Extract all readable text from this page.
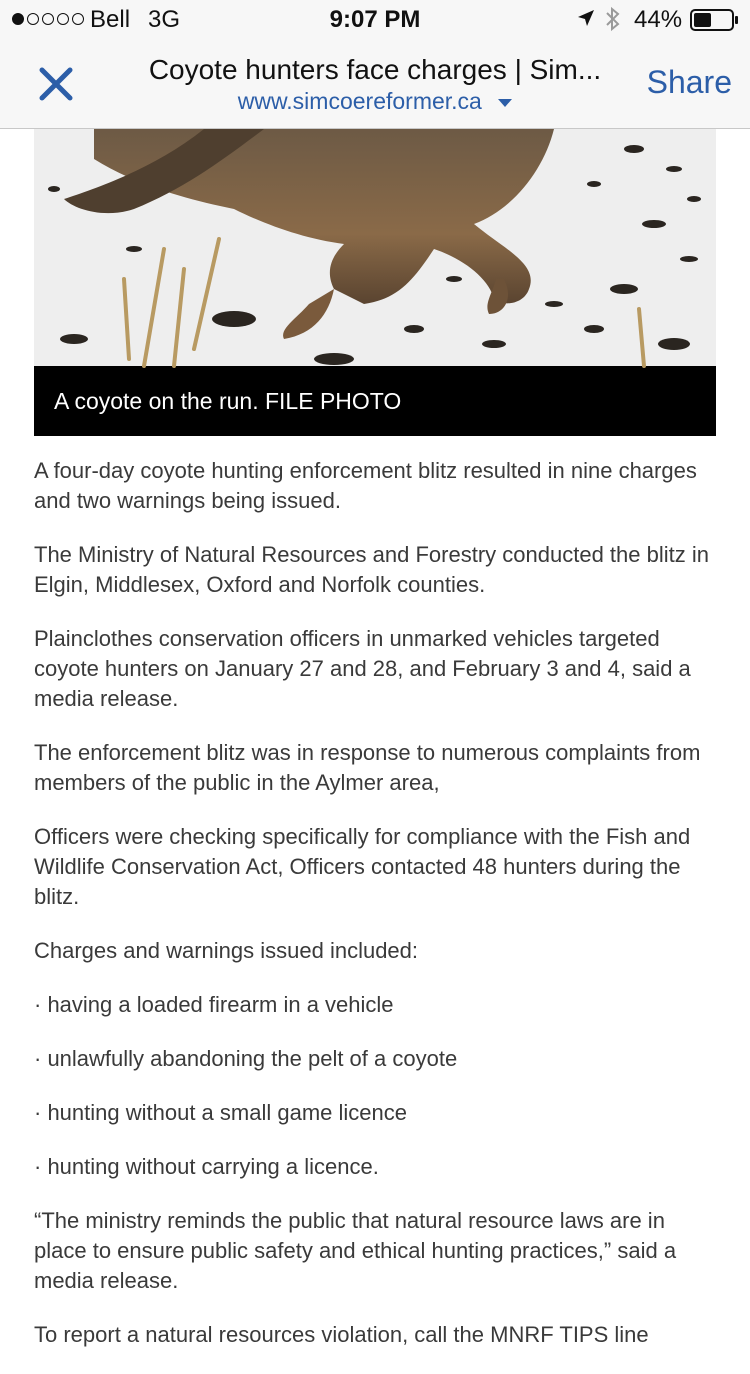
Bell 3G	9:07 PM	44%
Coyote hunters face charges | Sim...
www.simcoereformer.ca
Share
A coyote on the run. FILE PHOTO

A four-day coyote hunting enforcement blitz resulted in nine charges and two warnings being issued.

The Ministry of Natural Resources and Forestry conducted the blitz in Elgin, Middlesex, Oxford and Norfolk counties.

Plainclothes conservation officers in unmarked vehicles targeted coyote hunters on January 27 and 28, and February 3 and 4, said a media release.

The enforcement blitz was in response to numerous complaints from members of the public in the Aylmer area,

Officers were checking specifically for compliance with the Fish and Wildlife Conservation Act, Officers contacted 48 hunters during the blitz.

Charges and warnings issued included:

· having a loaded firearm in a vehicle

· unlawfully abandoning the pelt of a coyote

· hunting without a small game licence

· hunting without carrying a licence.

“The ministry reminds the public that natural resource laws are in place to ensure public safety and ethical hunting practices,” said a media release.

To report a natural resources violation, call the MNRF TIPS line
